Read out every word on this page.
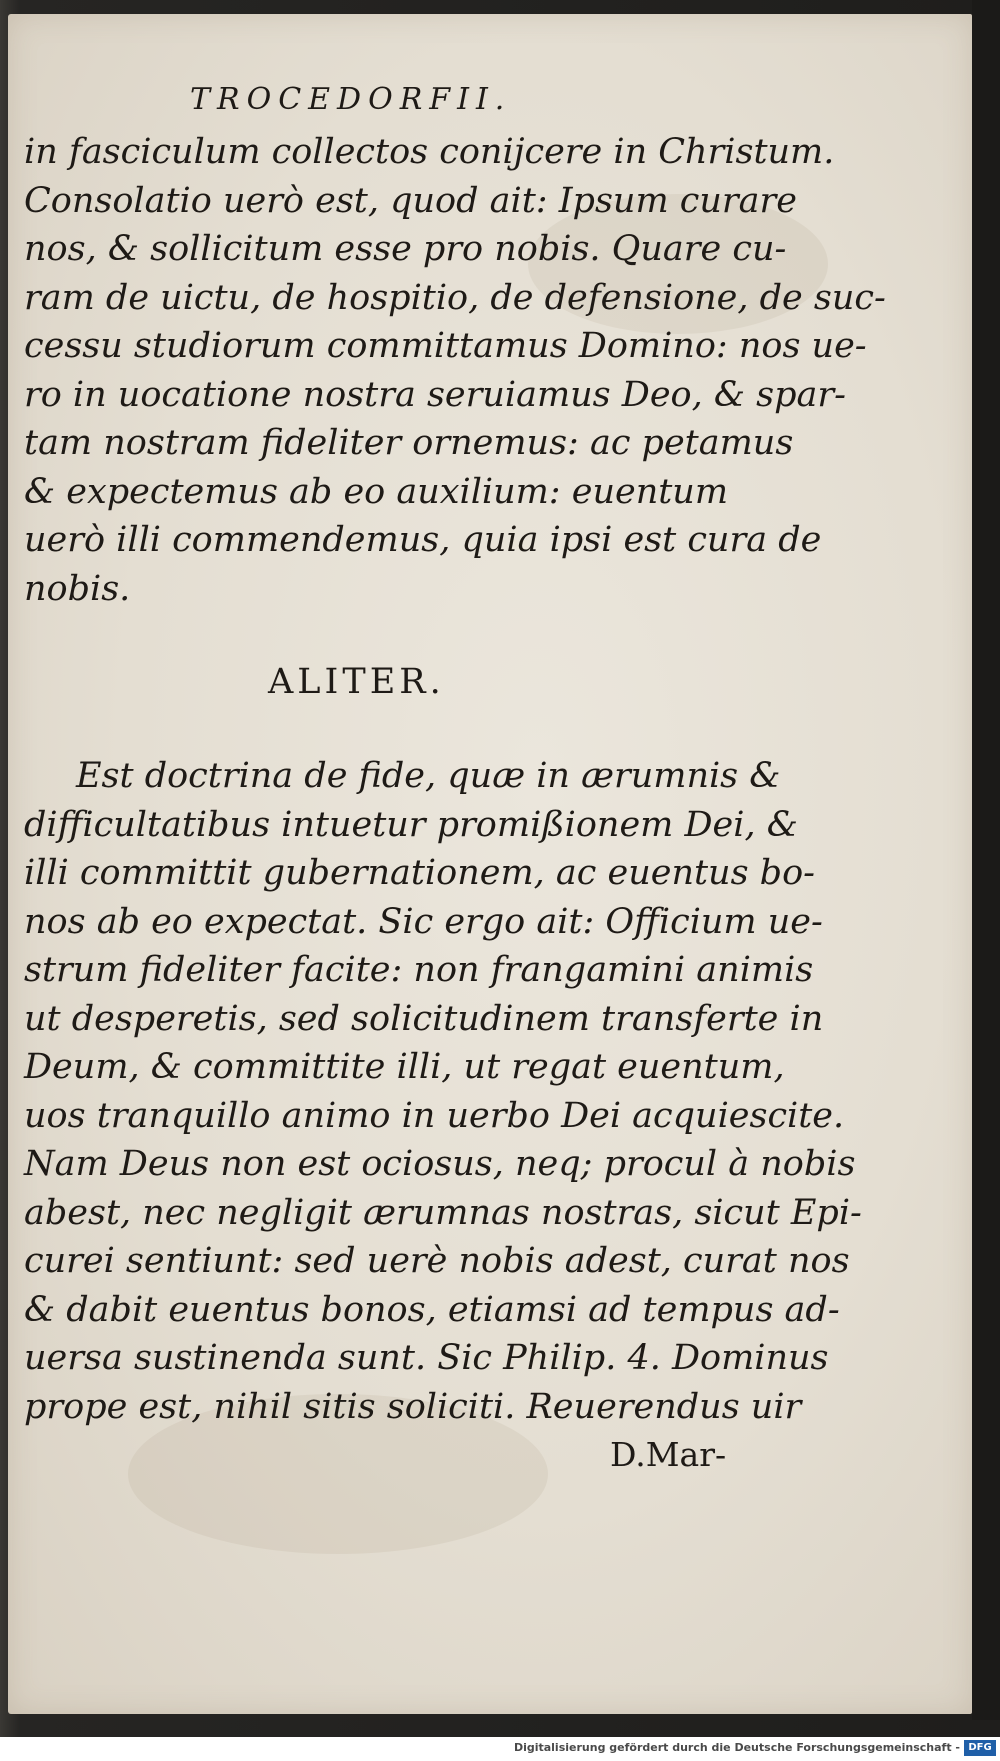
TROCEDORFII.
in fasciculum collectos conijcere in Christum.
Consolatio uerò est, quod ait: Ipsum curare
nos, & sollicitum esse pro nobis. Quare cu-
ram de uictu, de hospitio, de defensione, de suc-
cessu studiorum committamus Domino: nos ue-
ro in uocatione nostra seruiamus Deo, & spar-
tam nostram fideliter ornemus: ac petamus
& expectemus ab eo auxilium: euentum
uerò illi commendemus, quia ipsi est cura de
nobis.
ALITER.
Est doctrina de fide, quæ in ærumnis &
difficultatibus intuetur promißionem Dei, &
illi committit gubernationem, ac euentus bo-
nos ab eo expectat. Sic ergo ait: Officium ue-
strum fideliter facite: non frangamini animis
ut desperetis, sed solicitudinem transferte in
Deum, & committite illi, ut regat euentum,
uos tranquillo animo in uerbo Dei acquiescite.
Nam Deus non est ociosus, neq; procul à nobis
abest, nec negligit ærumnas nostras, sicut Epi-
curei sentiunt: sed uerè nobis adest, curat nos
& dabit euentus bonos, etiamsi ad tempus ad-
uersa sustinenda sunt. Sic Philip. 4. Dominus
prope est, nihil sitis soliciti. Reuerendus uir
D.Mar-
Digitalisierung gefördert durch die Deutsche Forschungsgemeinschaft - DFG
